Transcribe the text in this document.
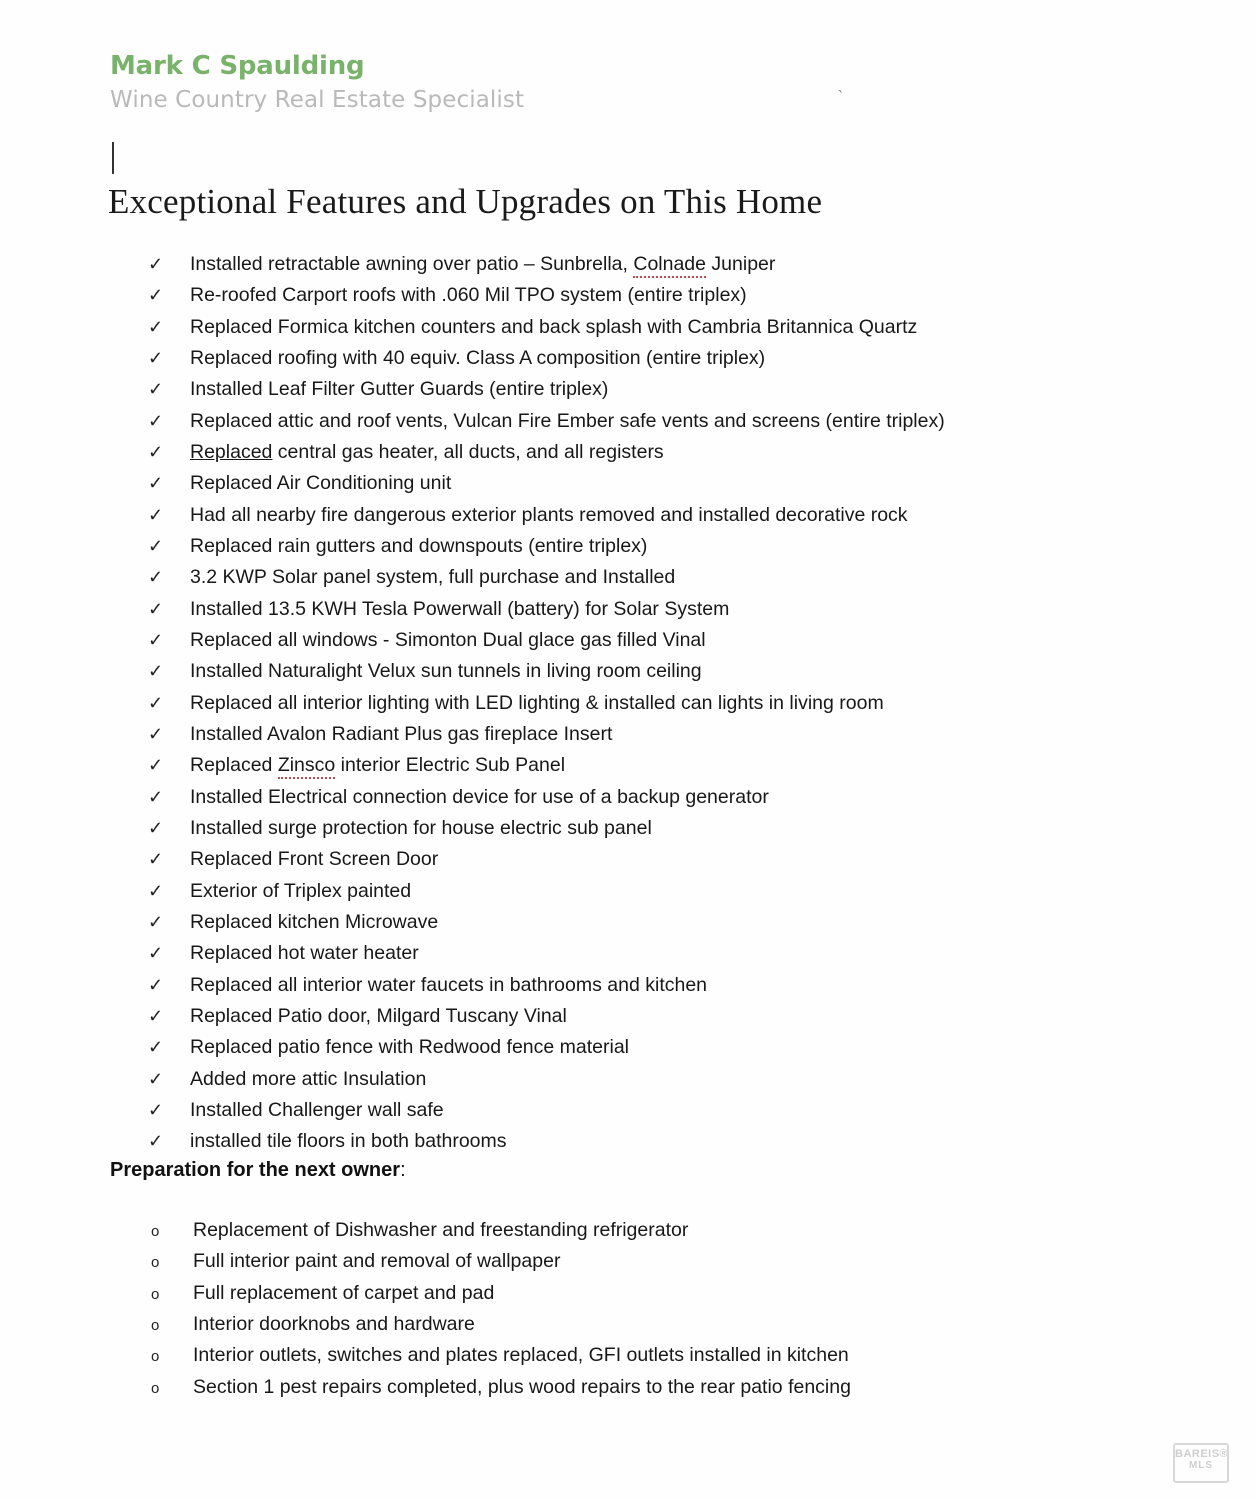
Mark C Spaulding
Wine Country Real Estate Specialist	`
Exceptional Features and Upgrades on This Home
✓	Installed retractable awning over patio – Sunbrella, Colnade Juniper
✓	Re-roofed Carport roofs with .060 Mil TPO system (entire triplex)
✓	Replaced Formica kitchen counters and back splash with Cambria Britannica Quartz
✓	Replaced roofing with 40 equiv. Class A composition (entire triplex)
✓	Installed Leaf Filter Gutter Guards (entire triplex)
✓	Replaced attic and roof vents, Vulcan Fire Ember safe vents and screens (entire triplex)
✓	Replaced central gas heater, all ducts, and all registers
✓	Replaced Air Conditioning unit
✓	Had all nearby fire dangerous exterior plants removed and installed decorative rock
✓	Replaced rain gutters and downspouts (entire triplex)
✓	3.2 KWP Solar panel system, full purchase and Installed
✓	Installed 13.5 KWH Tesla Powerwall (battery) for Solar System
✓	Replaced all windows - Simonton Dual glace gas filled Vinal
✓	Installed Naturalight Velux sun tunnels in living room ceiling
✓	Replaced all interior lighting with LED lighting & installed can lights in living room
✓	Installed Avalon Radiant Plus gas fireplace Insert
✓	Replaced Zinsco interior Electric Sub Panel
✓	Installed Electrical connection device for use of a backup generator
✓	Installed surge protection for house electric sub panel
✓	Replaced Front Screen Door
✓	Exterior of Triplex painted
✓	Replaced kitchen Microwave
✓	Replaced hot water heater
✓	Replaced all interior water faucets in bathrooms and kitchen
✓	Replaced Patio door, Milgard Tuscany Vinal
✓	Replaced patio fence with Redwood fence material
✓	Added more attic Insulation
✓	Installed Challenger wall safe
✓	installed tile floors in both bathrooms
Preparation for the next owner:
o	Replacement of Dishwasher and freestanding refrigerator
o	Full interior paint and removal of wallpaper
o	Full replacement of carpet and pad
o	Interior doorknobs and hardware
o	Interior outlets, switches and plates replaced, GFI outlets installed in kitchen
o	Section 1 pest repairs completed, plus wood repairs to the rear patio fencing
BAREIS®
MLS
